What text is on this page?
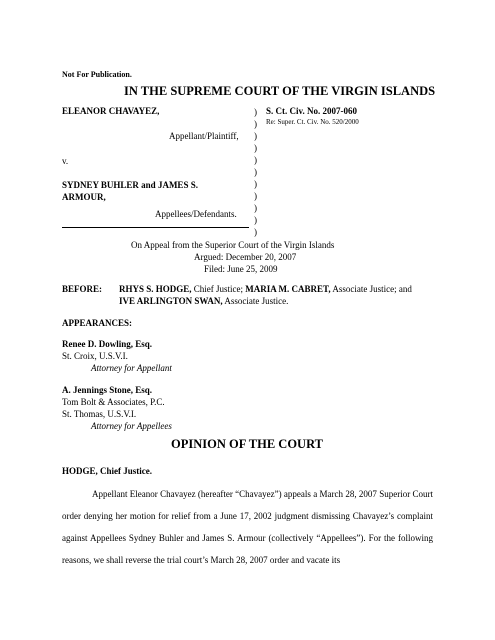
Not For Publication.
IN THE SUPREME COURT OF THE VIRGIN ISLANDS
ELEANOR CHAVAYEZ,
Appellant/Plaintiff,
v.
SYDNEY BUHLER and JAMES S.
ARMOUR,
Appellees/Defendants.
)
)
)
)
)
)
)
)
)
)
)
S. Ct. Civ. No. 2007-060
Re: Super. Ct. Civ. No. 520/2000
On Appeal from the Superior Court of the Virgin Islands
Argued: December 20, 2007
Filed: June 25, 2009
BEFORE: RHYS S. HODGE, Chief Justice; MARIA M. CABRET, Associate Justice; and
IVE ARLINGTON SWAN, Associate Justice.
APPEARANCES:
Renee D. Dowling, Esq.
St. Croix, U.S.V.I.
Attorney for Appellant
A. Jennings Stone, Esq.
Tom Bolt & Associates, P.C.
St. Thomas, U.S.V.I.
Attorney for Appellees
OPINION OF THE COURT
HODGE, Chief Justice.
Appellant Eleanor Chavayez (hereafter “Chavayez”) appeals a March 28, 2007 Superior Court order denying her motion for relief from a June 17, 2002 judgment dismissing Chavayez’s complaint against Appellees Sydney Buhler and James S. Armour (collectively “Appellees”). For the following reasons, we shall reverse the trial court’s March 28, 2007 order and vacate its
